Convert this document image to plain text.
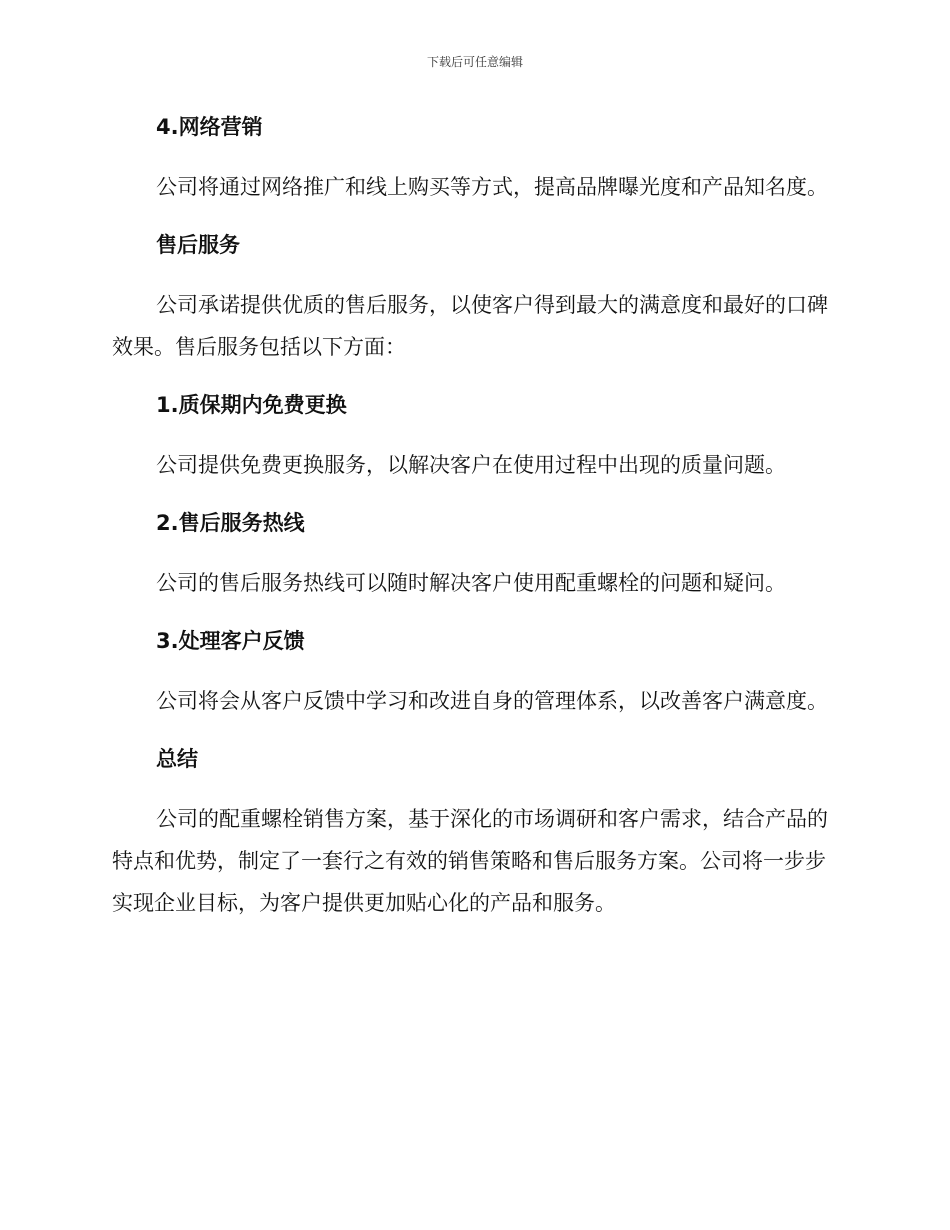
下载后可任意编辑
4.网络营销

公司将通过网络推广和线上购买等方式，提高品牌曝光度和产品知名度。

售后服务

公司承诺提供优质的售后服务，以使客户得到最大的满意度和最好的口碑效果。售后服务包括以下方面：

1.质保期内免费更换

公司提供免费更换服务，以解决客户在使用过程中出现的质量问题。

2.售后服务热线

公司的售后服务热线可以随时解决客户使用配重螺栓的问题和疑问。

3.处理客户反馈

公司将会从客户反馈中学习和改进自身的管理体系，以改善客户满意度。

总结

公司的配重螺栓销售方案，基于深化的市场调研和客户需求，结合产品的特点和优势，制定了一套行之有效的销售策略和售后服务方案。公司将一步步实现企业目标，为客户提供更加贴心化的产品和服务。
